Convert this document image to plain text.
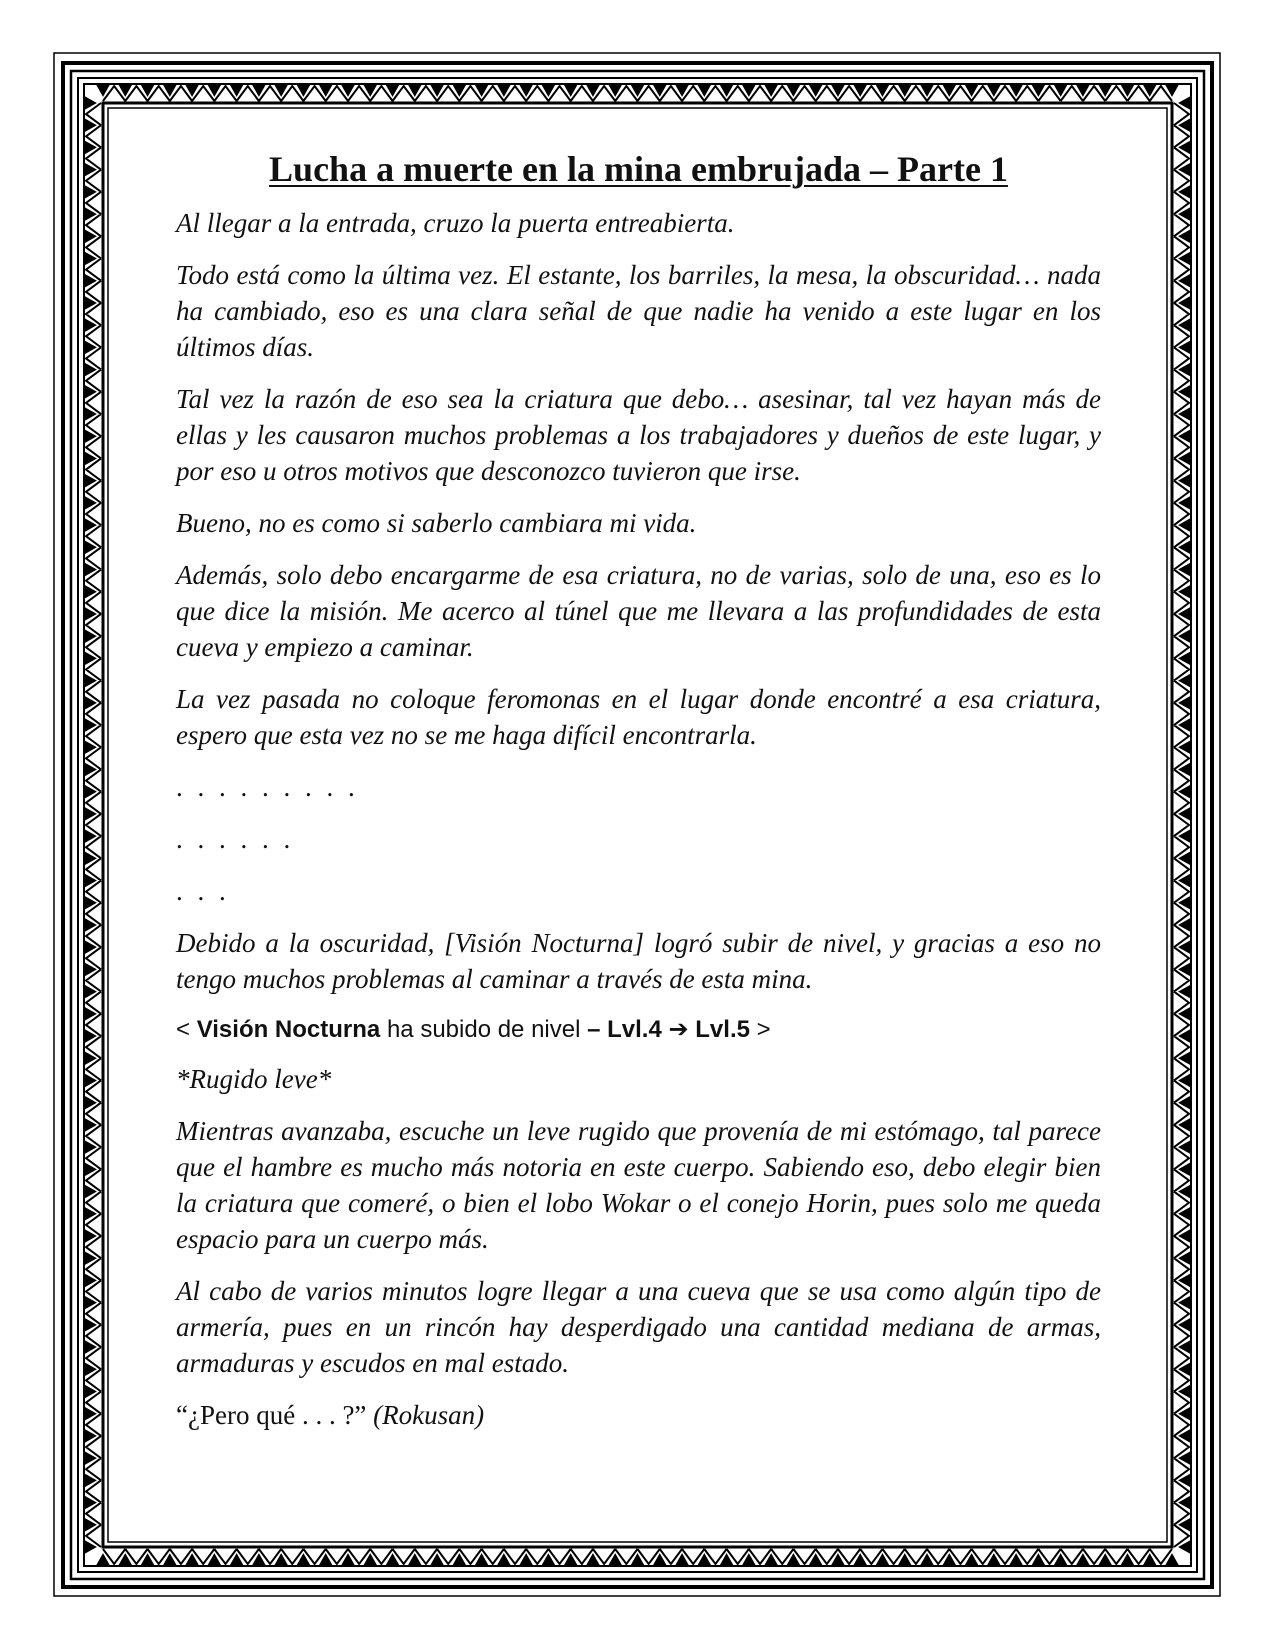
Lucha a muerte en la mina embrujada – Parte 1

Al llegar a la entrada, cruzo la puerta entreabierta.

Todo está como la última vez. El estante, los barriles, la mesa, la obscuridad… nada ha cambiado, eso es una clara señal de que nadie ha venido a este lugar en los últimos días.

Tal vez la razón de eso sea la criatura que debo… asesinar, tal vez hayan más de ellas y les causaron muchos problemas a los trabajadores y dueños de este lugar, y por eso u otros motivos que desconozco tuvieron que irse.

Bueno, no es como si saberlo cambiara mi vida.

Además, solo debo encargarme de esa criatura, no de varias, solo de una, eso es lo que dice la misión. Me acerco al túnel que me llevara a las profundidades de esta cueva y empiezo a caminar.

La vez pasada no coloque feromonas en el lugar donde encontré a esa criatura, espero que esta vez no se me haga difícil encontrarla.

. . . . . . . . .

. . . . . .

. . .

Debido a la oscuridad, [Visión Nocturna] logró subir de nivel, y gracias a eso no tengo muchos problemas al caminar a través de esta mina.

< Visión Nocturna ha subido de nivel – Lvl.4 ➔ Lvl.5 >

*Rugido leve*

Mientras avanzaba, escuche un leve rugido que provenía de mi estómago, tal parece que el hambre es mucho más notoria en este cuerpo. Sabiendo eso, debo elegir bien la criatura que comeré, o bien el lobo Wokar o el conejo Horin, pues solo me queda espacio para un cuerpo más.

Al cabo de varios minutos logre llegar a una cueva que se usa como algún tipo de armería, pues en un rincón hay desperdigado una cantidad mediana de armas, armaduras y escudos en mal estado.

“¿Pero qué . . . ?” (Rokusan)
